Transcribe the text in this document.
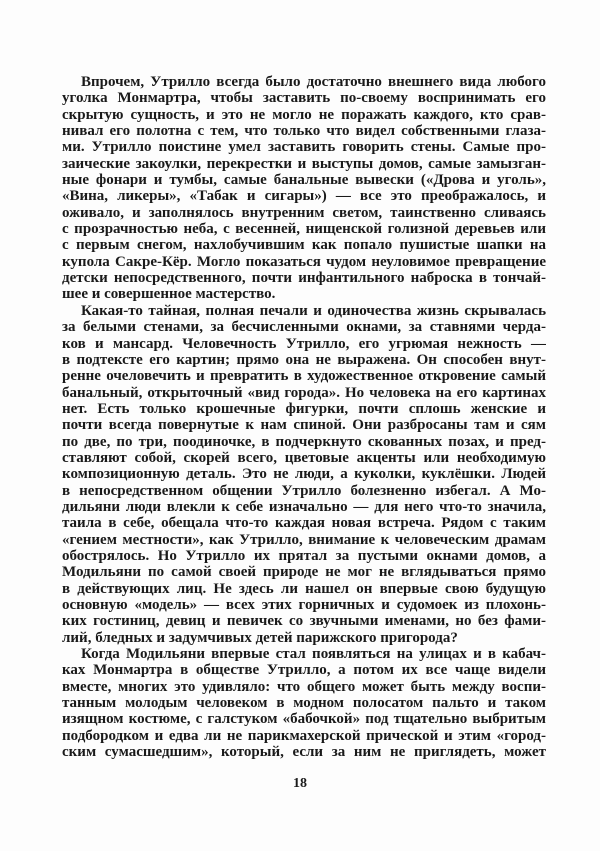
Впрочем, Утрилло всегда было достаточно внешнего вида любого
уголка Монмартра, чтобы заставить по-своему воспринимать его
скрытую сущность, и это не могло не поражать каждого, кто срав-
нивал его полотна с тем, что только что видел собственными глаза-
ми. Утрилло поистине умел заставить говорить стены. Самые про-
заические закоулки, перекрестки и выступы домов, самые замызган-
ные фонари и тумбы, самые банальные вывески («Дрова и уголь»,
«Вина, ликеры», «Табак и сигары») — все это преображалось, и
оживало, и заполнялось внутренним светом, таинственно сливаясь
с прозрачностью неба, с весенней, нищенской голизной деревьев или
с первым снегом, нахлобучившим как попало пушистые шапки на
купола Сакре-Кёр. Могло показаться чудом неуловимое превращение
детски непосредственного, почти инфантильного наброска в тончай-
шее и совершенное мастерство.
Какая-то тайная, полная печали и одиночества жизнь скрывалась
за белыми стенами, за бесчисленными окнами, за ставнями черда-
ков и мансард. Человечность Утрилло, его угрюмая нежность —
в подтексте его картин; прямо она не выражена. Он способен внут-
ренне очеловечить и превратить в художественное откровение самый
банальный, открыточный «вид города». Но человека на его картинах
нет. Есть только крошечные фигурки, почти сплошь женские и
почти всегда повернутые к нам спиной. Они разбросаны там и сям
по две, по три, поодиночке, в подчеркнуто скованных позах, и пред-
ставляют собой, скорей всего, цветовые акценты или необходимую
композиционную деталь. Это не люди, а куколки, куклёшки. Людей
в непосредственном общении Утрилло болезненно избегал. А Мо-
дильяни люди влекли к себе изначально — для него что-то значила,
таила в себе, обещала что-то каждая новая встреча. Рядом с таким
«гением местности», как Утрилло, внимание к человеческим драмам
обострялось. Но Утрилло их прятал за пустыми окнами домов, а
Модильяни по самой своей природе не мог не вглядываться прямо
в действующих лиц. Не здесь ли нашел он впервые свою будущую
основную «модель» — всех этих горничных и судомоек из плохонь-
ких гостиниц, девиц и певичек со звучными именами, но без фами-
лий, бледных и задумчивых детей парижского пригорода?
Когда Модильяни впервые стал появляться на улицах и в кабач-
ках Монмартра в обществе Утрилло, а потом их все чаще видели
вместе, многих это удивляло: что общего может быть между воспи-
танным молодым человеком в модном полосатом пальто и таком
изящном костюме, с галстуком «бабочкой» под тщательно выбритым
подбородком и едва ли не парикмахерской прической и этим «город-
ским сумасшедшим», который, если за ним не приглядеть, может
18
